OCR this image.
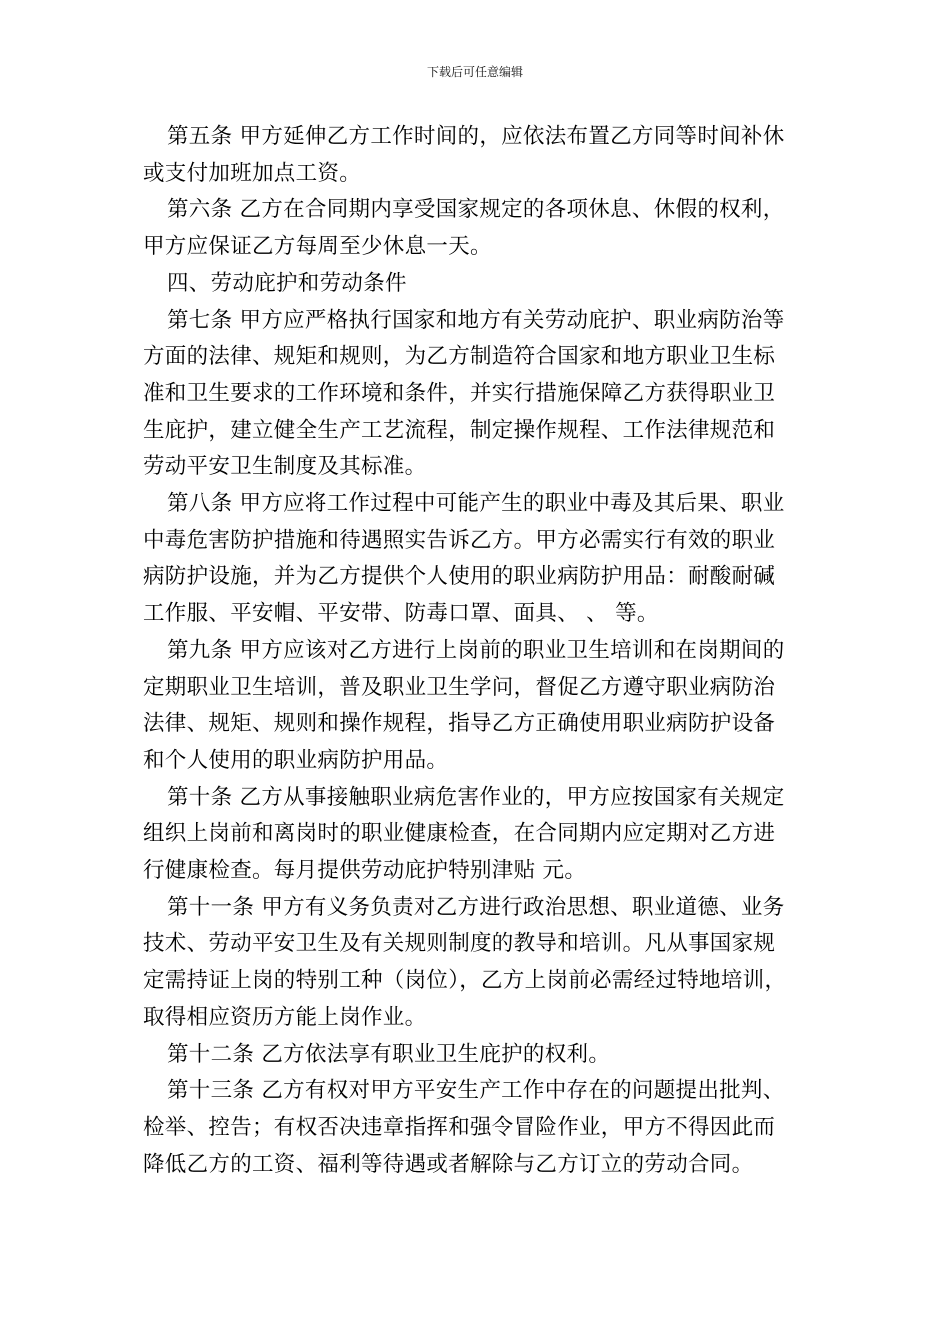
下载后可任意编辑

第五条 甲方延伸乙方工作时间的，应依法布置乙方同等时间补休
或支付加班加点工资。

第六条 乙方在合同期内享受国家规定的各项休息、休假的权利，
甲方应保证乙方每周至少休息一天。

四、劳动庇护和劳动条件

第七条 甲方应严格执行国家和地方有关劳动庇护、职业病防治等
方面的法律、规矩和规则，为乙方制造符合国家和地方职业卫生标
准和卫生要求的工作环境和条件，并实行措施保障乙方获得职业卫
生庇护，建立健全生产工艺流程，制定操作规程、工作法律规范和
劳动平安卫生制度及其标准。

第八条 甲方应将工作过程中可能产生的职业中毒及其后果、职业
中毒危害防护措施和待遇照实告诉乙方。甲方必需实行有效的职业
病防护设施，并为乙方提供个人使用的职业病防护用品：耐酸耐碱
工作服、平安帽、平安带、防毒口罩、面具、 、 等。

第九条 甲方应该对乙方进行上岗前的职业卫生培训和在岗期间的
定期职业卫生培训，普及职业卫生学问，督促乙方遵守职业病防治
法律、规矩、规则和操作规程，指导乙方正确使用职业病防护设备
和个人使用的职业病防护用品。

第十条 乙方从事接触职业病危害作业的，甲方应按国家有关规定
组织上岗前和离岗时的职业健康检查，在合同期内应定期对乙方进
行健康检查。每月提供劳动庇护特别津贴 元。

第十一条 甲方有义务负责对乙方进行政治思想、职业道德、业务
技术、劳动平安卫生及有关规则制度的教导和培训。凡从事国家规
定需持证上岗的特别工种（岗位），乙方上岗前必需经过特地培训，
取得相应资历方能上岗作业。

第十二条 乙方依法享有职业卫生庇护的权利。

第十三条 乙方有权对甲方平安生产工作中存在的问题提出批判、
检举、控告；有权否决违章指挥和强令冒险作业，甲方不得因此而
降低乙方的工资、福利等待遇或者解除与乙方订立的劳动合同。
